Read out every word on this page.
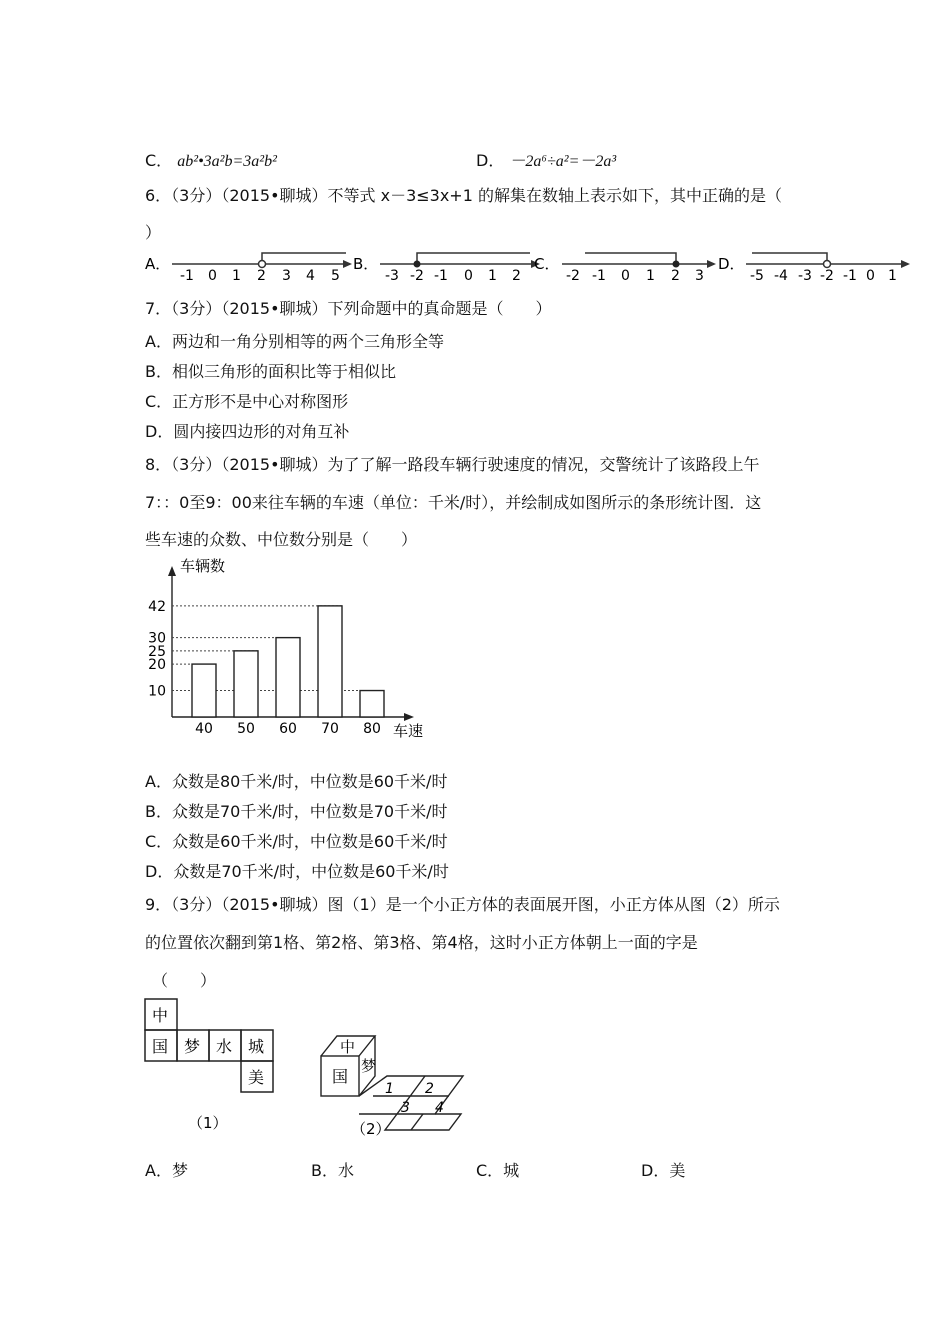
C． ab²•3a²b=3a²b²	D． －2a⁶÷a²=－2a³
6．（3分）（2015•聊城）不等式 x－3≤3x+1 的解集在数轴上表示如下，其中正确的是（
）
A．
-1 0 1 2 3 4 5
B．
-3 -2 -1 0 1 2
C．
-2 -1 0 1 2 3
D．
-5 -4 -3 -2 -1 0 1
7．（3分）（2015•聊城）下列命题中的真命题是（　　）
A．两边和一角分别相等的两个三角形全等
B．相似三角形的面积比等于相似比
C．正方形不是中心对称图形
D．圆内接四边形的对角互补
8．（3分）（2015•聊城）为了了解一路段车辆行驶速度的情况，交警统计了该路段上午
7：：0至9：00来往车辆的车速（单位：千米/时），并绘制成如图所示的条形统计图．这
些车速的众数、中位数分别是（　　）
车辆数
车速
10
20
25
30
42
40 50 60 70 80
A．众数是80千米/时，中位数是60千米/时
B．众数是70千米/时，中位数是70千米/时
C．众数是60千米/时，中位数是60千米/时
D．众数是70千米/时，中位数是60千米/时
9．（3分）（2015•聊城）图（1）是一个小正方体的表面展开图，小正方体从图（2）所示
的位置依次翻到第1格、第2格、第3格、第4格，这时小正方体朝上一面的字是
（　　）
中
国 梦 水 城
美
（1）
中
国
梦
1 2
3 4
（2）
A．梦	B．水	C．城	D．美
